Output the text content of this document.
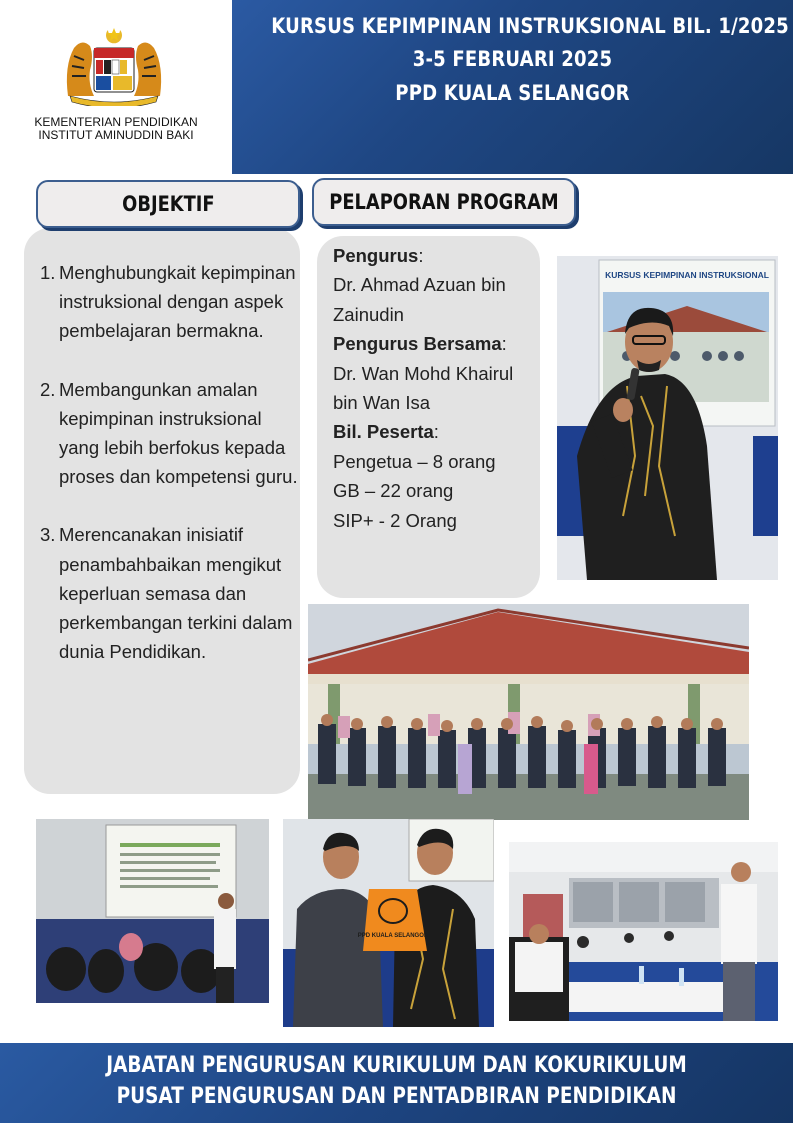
KEMENTERIAN PENDIDIKAN
INSTITUT AMINUDDIN BAKI
KURSUS KEPIMPINAN INSTRUKSIONAL BIL. 1/2025
3-5 FEBRUARI 2025
PPD KUALA SELANGOR
OBJEKTIF
1. Menghubungkait kepimpinan instruksional dengan aspek pembelajaran bermakna.
2. Membangunkan amalan kepimpinan instruksional yang lebih berfokus kepada proses dan kompetensi guru.
3. Merencanakan inisiatif penambahbaikan mengikut keperluan semasa dan perkembangan terkini dalam dunia Pendidikan.
PELAPORAN PROGRAM
Pengurus:
Dr. Ahmad Azuan bin Zainudin
Pengurus Bersama:
Dr. Wan Mohd Khairul bin Wan Isa
Bil. Peserta:
Pengetua – 8 orang
GB – 22 orang
SIP+ - 2 Orang
KURSUS KEPIMPINAN INSTRUKSIONAL
PPD KUALA SELANGOR
JABATAN PENGURUSAN KURIKULUM DAN KOKURIKULUM
PUSAT PENGURUSAN DAN PENTADBIRAN PENDIDIKAN
